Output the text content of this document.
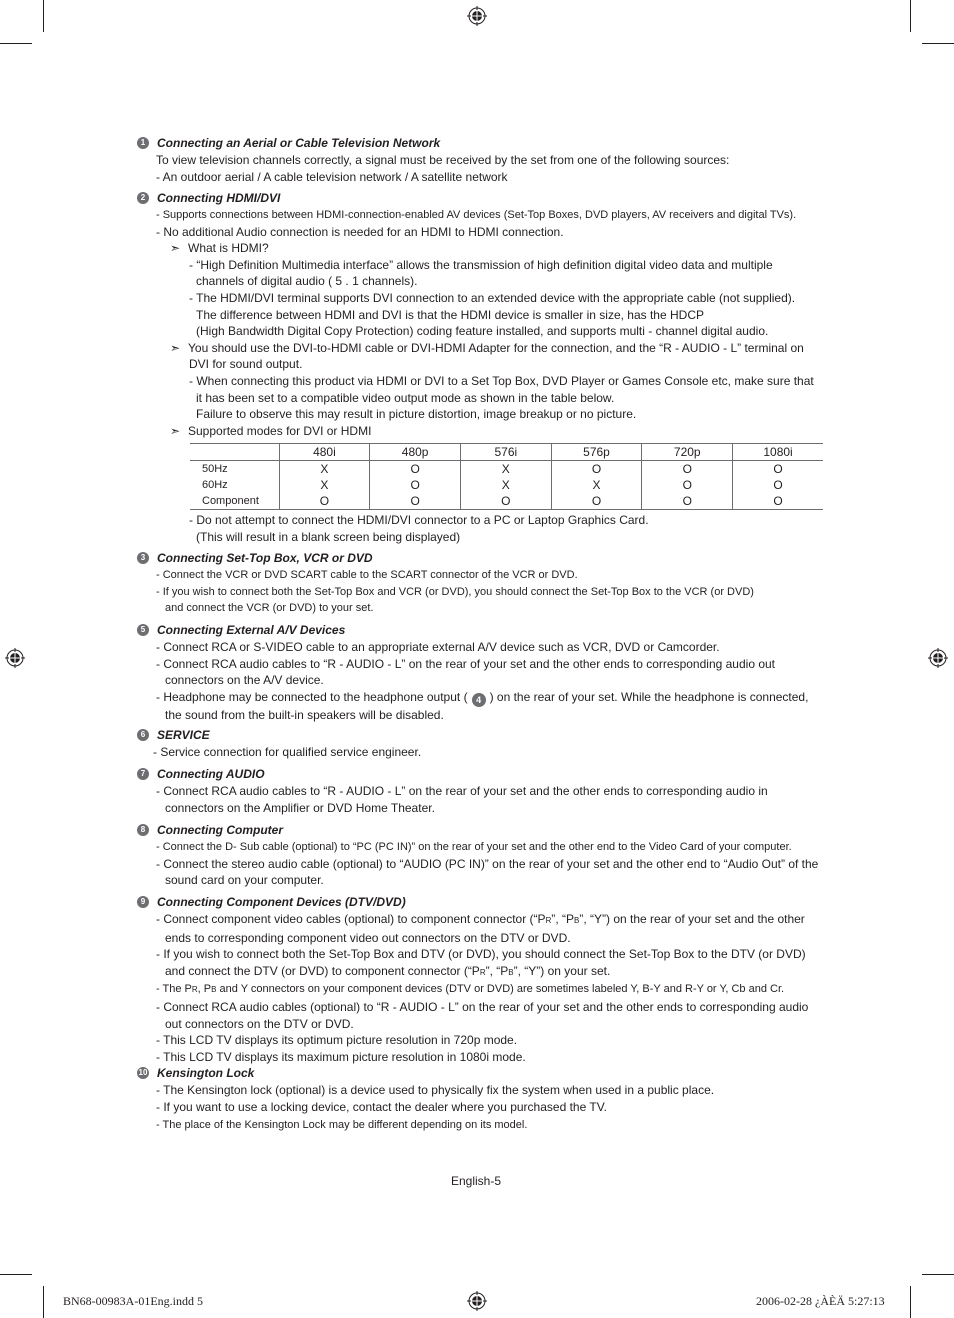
1 Connecting an Aerial or Cable Television Network
To view television channels correctly, a signal must be received by the set from one of the following sources:
- An outdoor aerial / A cable television network / A satellite network
2 Connecting HDMI/DVI
- Supports connections between HDMI-connection-enabled AV devices (Set-Top Boxes, DVD players, AV receivers and digital TVs).
- No additional Audio connection is needed for an HDMI to HDMI connection.
➣ What is HDMI?
- “High Definition Multimedia interface” allows the transmission of high definition digital video data and multiple
channels of digital audio ( 5 . 1 channels).
- The HDMI/DVI terminal supports DVI connection to an extended device with the appropriate cable (not supplied).
The difference between HDMI and DVI is that the HDMI device is smaller in size, has the HDCP
(High Bandwidth Digital Copy Protection) coding feature installed, and supports multi - channel digital audio.
➣ You should use the DVI-to-HDMI cable or DVI-HDMI Adapter for the connection, and the “R - AUDIO - L” terminal on
DVI for sound output.
- When connecting this product via HDMI or DVI to a Set Top Box, DVD Player or Games Console etc, make sure that
it has been set to a compatible video output mode as shown in the table below.
Failure to observe this may result in picture distortion, image breakup or no picture.
➣ Supported modes for DVI or HDMI
	480i	480p	576i	576p	720p	1080i
50Hz	X	O	X	O	O	O
60Hz	X	O	X	X	O	O
Component	O	O	O	O	O	O
- Do not attempt to connect the HDMI/DVI connector to a PC or Laptop Graphics Card.
(This will result in a blank screen being displayed)
3 Connecting Set-Top Box, VCR or DVD
- Connect the VCR or DVD SCART cable to the SCART connector of the VCR or DVD.
- If you wish to connect both the Set-Top Box and VCR (or DVD), you should connect the Set-Top Box to the VCR (or DVD)
and connect the VCR (or DVD) to your set.
5 Connecting External A/V Devices
- Connect RCA or S-VIDEO cable to an appropriate external A/V device such as VCR, DVD or Camcorder.
- Connect RCA audio cables to “R - AUDIO - L” on the rear of your set and the other ends to corresponding audio out
connectors on the A/V device.
- Headphone may be connected to the headphone output ( 4 ) on the rear of your set. While the headphone is connected,
the sound from the built-in speakers will be disabled.
6 SERVICE
- Service connection for qualified service engineer.
7 Connecting AUDIO
- Connect RCA audio cables to “R - AUDIO - L” on the rear of your set and the other ends to corresponding audio in
connectors on the Amplifier or DVD Home Theater.
8 Connecting Computer
- Connect the D- Sub cable (optional) to “PC (PC IN)” on the rear of your set and the other end to the Video Card of your computer.
- Connect the stereo audio cable (optional) to “AUDIO (PC IN)” on the rear of your set and the other end to “Audio Out” of the
sound card on your computer.
9 Connecting Component Devices (DTV/DVD)
- Connect component video cables (optional) to component connector (“PR”, “PB”, “Y”) on the rear of your set and the other
ends to corresponding component video out connectors on the DTV or DVD.
- If you wish to connect both the Set-Top Box and DTV (or DVD), you should connect the Set-Top Box to the DTV (or DVD)
and connect the DTV (or DVD) to component connector (“PR”, “PB”, “Y”) on your set.
- The PR, PB and Y connectors on your component devices (DTV or DVD) are sometimes labeled Y, B-Y and R-Y or Y, Cb and Cr.
- Connect RCA audio cables (optional) to “R - AUDIO - L” on the rear of your set and the other ends to corresponding audio
out connectors on the DTV or DVD.
- This LCD TV displays its optimum picture resolution in 720p mode.
- This LCD TV displays its maximum picture resolution in 1080i mode.
10 Kensington Lock
- The Kensington lock (optional) is a device used to physically fix the system when used in a public place.
- If you want to use a locking device, contact the dealer where you purchased the TV.
- The place of the Kensington Lock may be different depending on its model.
English-5
BN68-00983A-01Eng.indd 5	2006-02-28 ¿ÀÈÄ 5:27:13
